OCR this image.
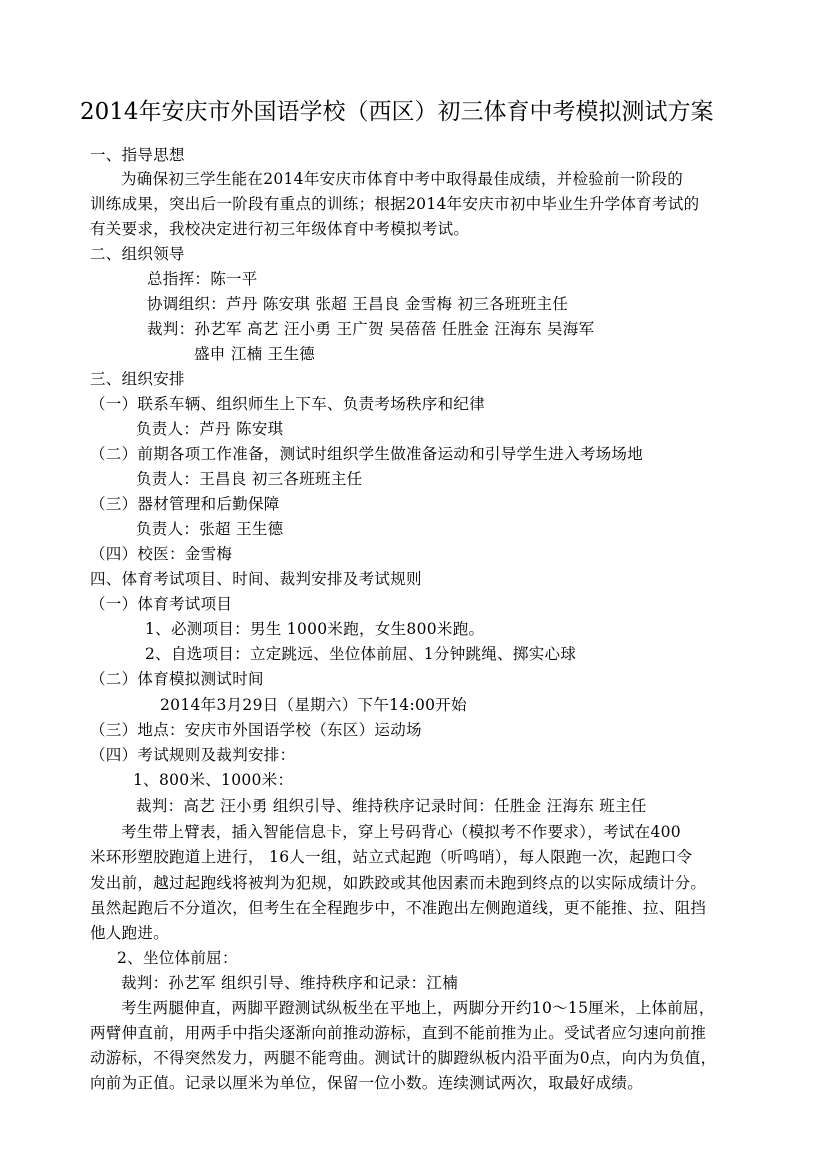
2014年安庆市外国语学校（西区）初三体育中考模拟测试方案
一、指导思想
为确保初三学生能在2014年安庆市体育中考中取得最佳成绩，并检验前一阶段的
训练成果，突出后一阶段有重点的训练；根据2014年安庆市初中毕业生升学体育考试的
有关要求，我校决定进行初三年级体育中考模拟考试。
二、组织领导
总指挥：陈一平
协调组织：芦丹 陈安琪 张超 王昌良 金雪梅 初三各班班主任
裁判：孙艺军 高艺 汪小勇 王广贺 吴蓓蓓 任胜金 汪海东 吴海军
盛申 江楠 王生德
三、组织安排
（一）联系车辆、组织师生上下车、负责考场秩序和纪律
负责人：芦丹 陈安琪
（二）前期各项工作准备，测试时组织学生做准备运动和引导学生进入考场场地
负责人：王昌良 初三各班班主任
（三）器材管理和后勤保障
负责人：张超 王生德
（四）校医：金雪梅
四、体育考试项目、时间、裁判安排及考试规则
（一）体育考试项目
1、必测项目：男生 1000米跑，女生800米跑。
2、自选项目：立定跳远、坐位体前屈、1分钟跳绳、掷实心球
（二）体育模拟测试时间
2014年3月29日（星期六）下午14:00开始
（三）地点：安庆市外国语学校（东区）运动场
（四）考试规则及裁判安排：
1、800米、1000米：
裁判：高艺 汪小勇 组织引导、维持秩序记录时间：任胜金 汪海东 班主任
考生带上臂表，插入智能信息卡，穿上号码背心（模拟考不作要求），考试在400
米环形塑胶跑道上进行， 16人一组，站立式起跑（听鸣哨），每人限跑一次，起跑口令
发出前，越过起跑线将被判为犯规，如跌跤或其他因素而未跑到终点的以实际成绩计分。
虽然起跑后不分道次，但考生在全程跑步中，不准跑出左侧跑道线，更不能推、拉、阻挡
他人跑进。
2、坐位体前屈：
裁判：孙艺军 组织引导、维持秩序和记录：江楠
考生两腿伸直，两脚平蹬测试纵板坐在平地上，两脚分开约10～15厘米，上体前屈，
两臂伸直前，用两手中指尖逐渐向前推动游标，直到不能前推为止。受试者应匀速向前推
动游标，不得突然发力，两腿不能弯曲。测试计的脚蹬纵板内沿平面为0点，向内为负值，
向前为正值。记录以厘米为单位，保留一位小数。连续测试两次，取最好成绩。
